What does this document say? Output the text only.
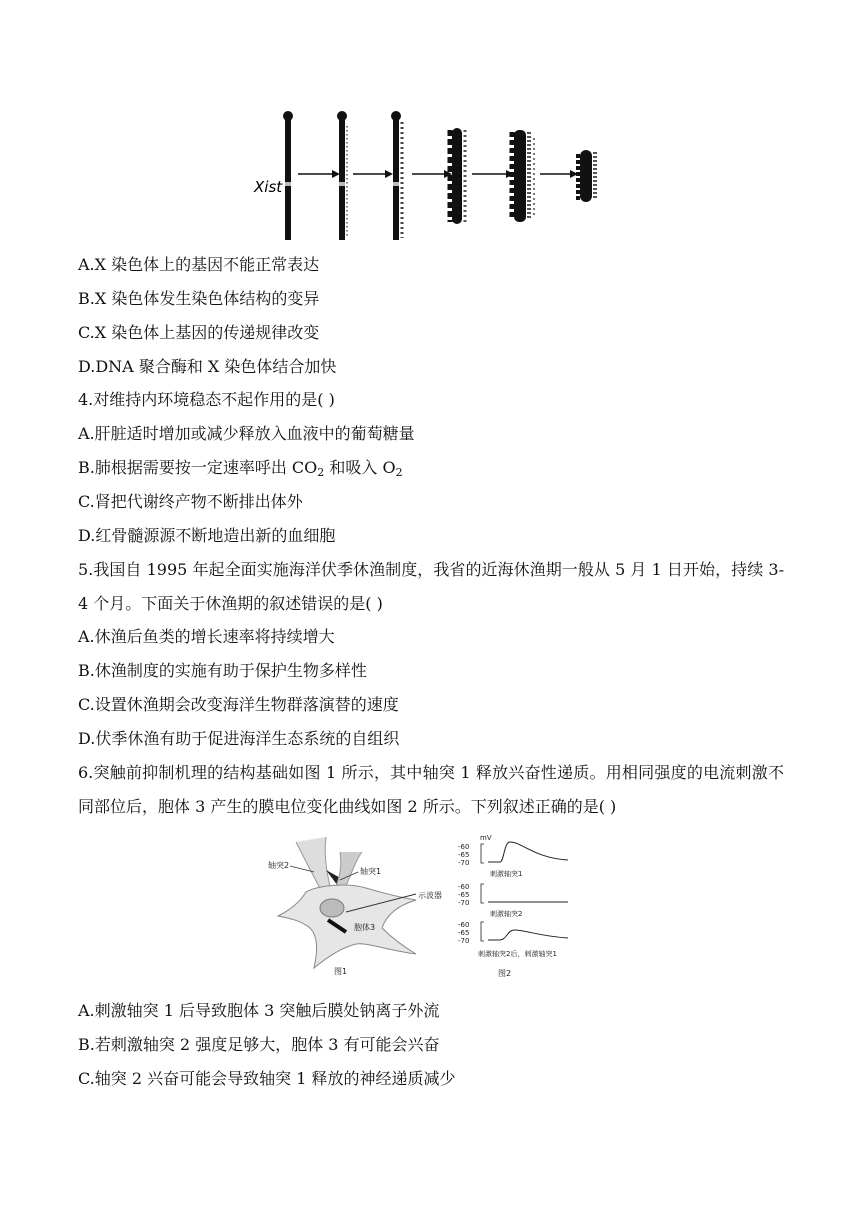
Xist
A.X 染色体上的基因不能正常表达
B.X 染色体发生染色体结构的变异
C.X 染色体上基因的传递规律改变
D.DNA 聚合酶和 X 染色体结合加快
4.对维持内环境稳态不起作用的是( )
A.肝脏适时增加或减少释放入血液中的葡萄糖量
B.肺根据需要按一定速率呼出 $CO_2$ 和吸入 $O_2$
C.肾把代谢终产物不断排出体外
D.红骨髓源源不断地造出新的血细胞
5.我国自 1995 年起全面实施海洋伏季休渔制度，我省的近海休渔期一般从 5 月 1 日开始，持续 3-4 个月。下面关于休渔期的叙述错误的是( )
A.休渔后鱼类的增长速率将持续增大
B.休渔制度的实施有助于保护生物多样性
C.设置休渔期会改变海洋生物群落演替的速度
D.伏季休渔有助于促进海洋生态系统的自组织
6.突触前抑制机理的结构基础如图 1 所示，其中轴突 1 释放兴奋性递质。用相同强度的电流刺激不同部位后，胞体 3 产生的膜电位变化曲线如图 2 所示。下列叙述正确的是( )
轴突2
轴突1
示波器
胞体3
图1
mV
-60
-65
-70
刺激轴突1
-60
-65
-70
刺激轴突2
-60
-65
-70
刺激轴突2后，刺激轴突1
图2
A.刺激轴突 1 后导致胞体 3 突触后膜处钠离子外流
B.若刺激轴突 2 强度足够大，胞体 3 有可能会兴奋
C.轴突 2 兴奋可能会导致轴突 1 释放的神经递质减少
